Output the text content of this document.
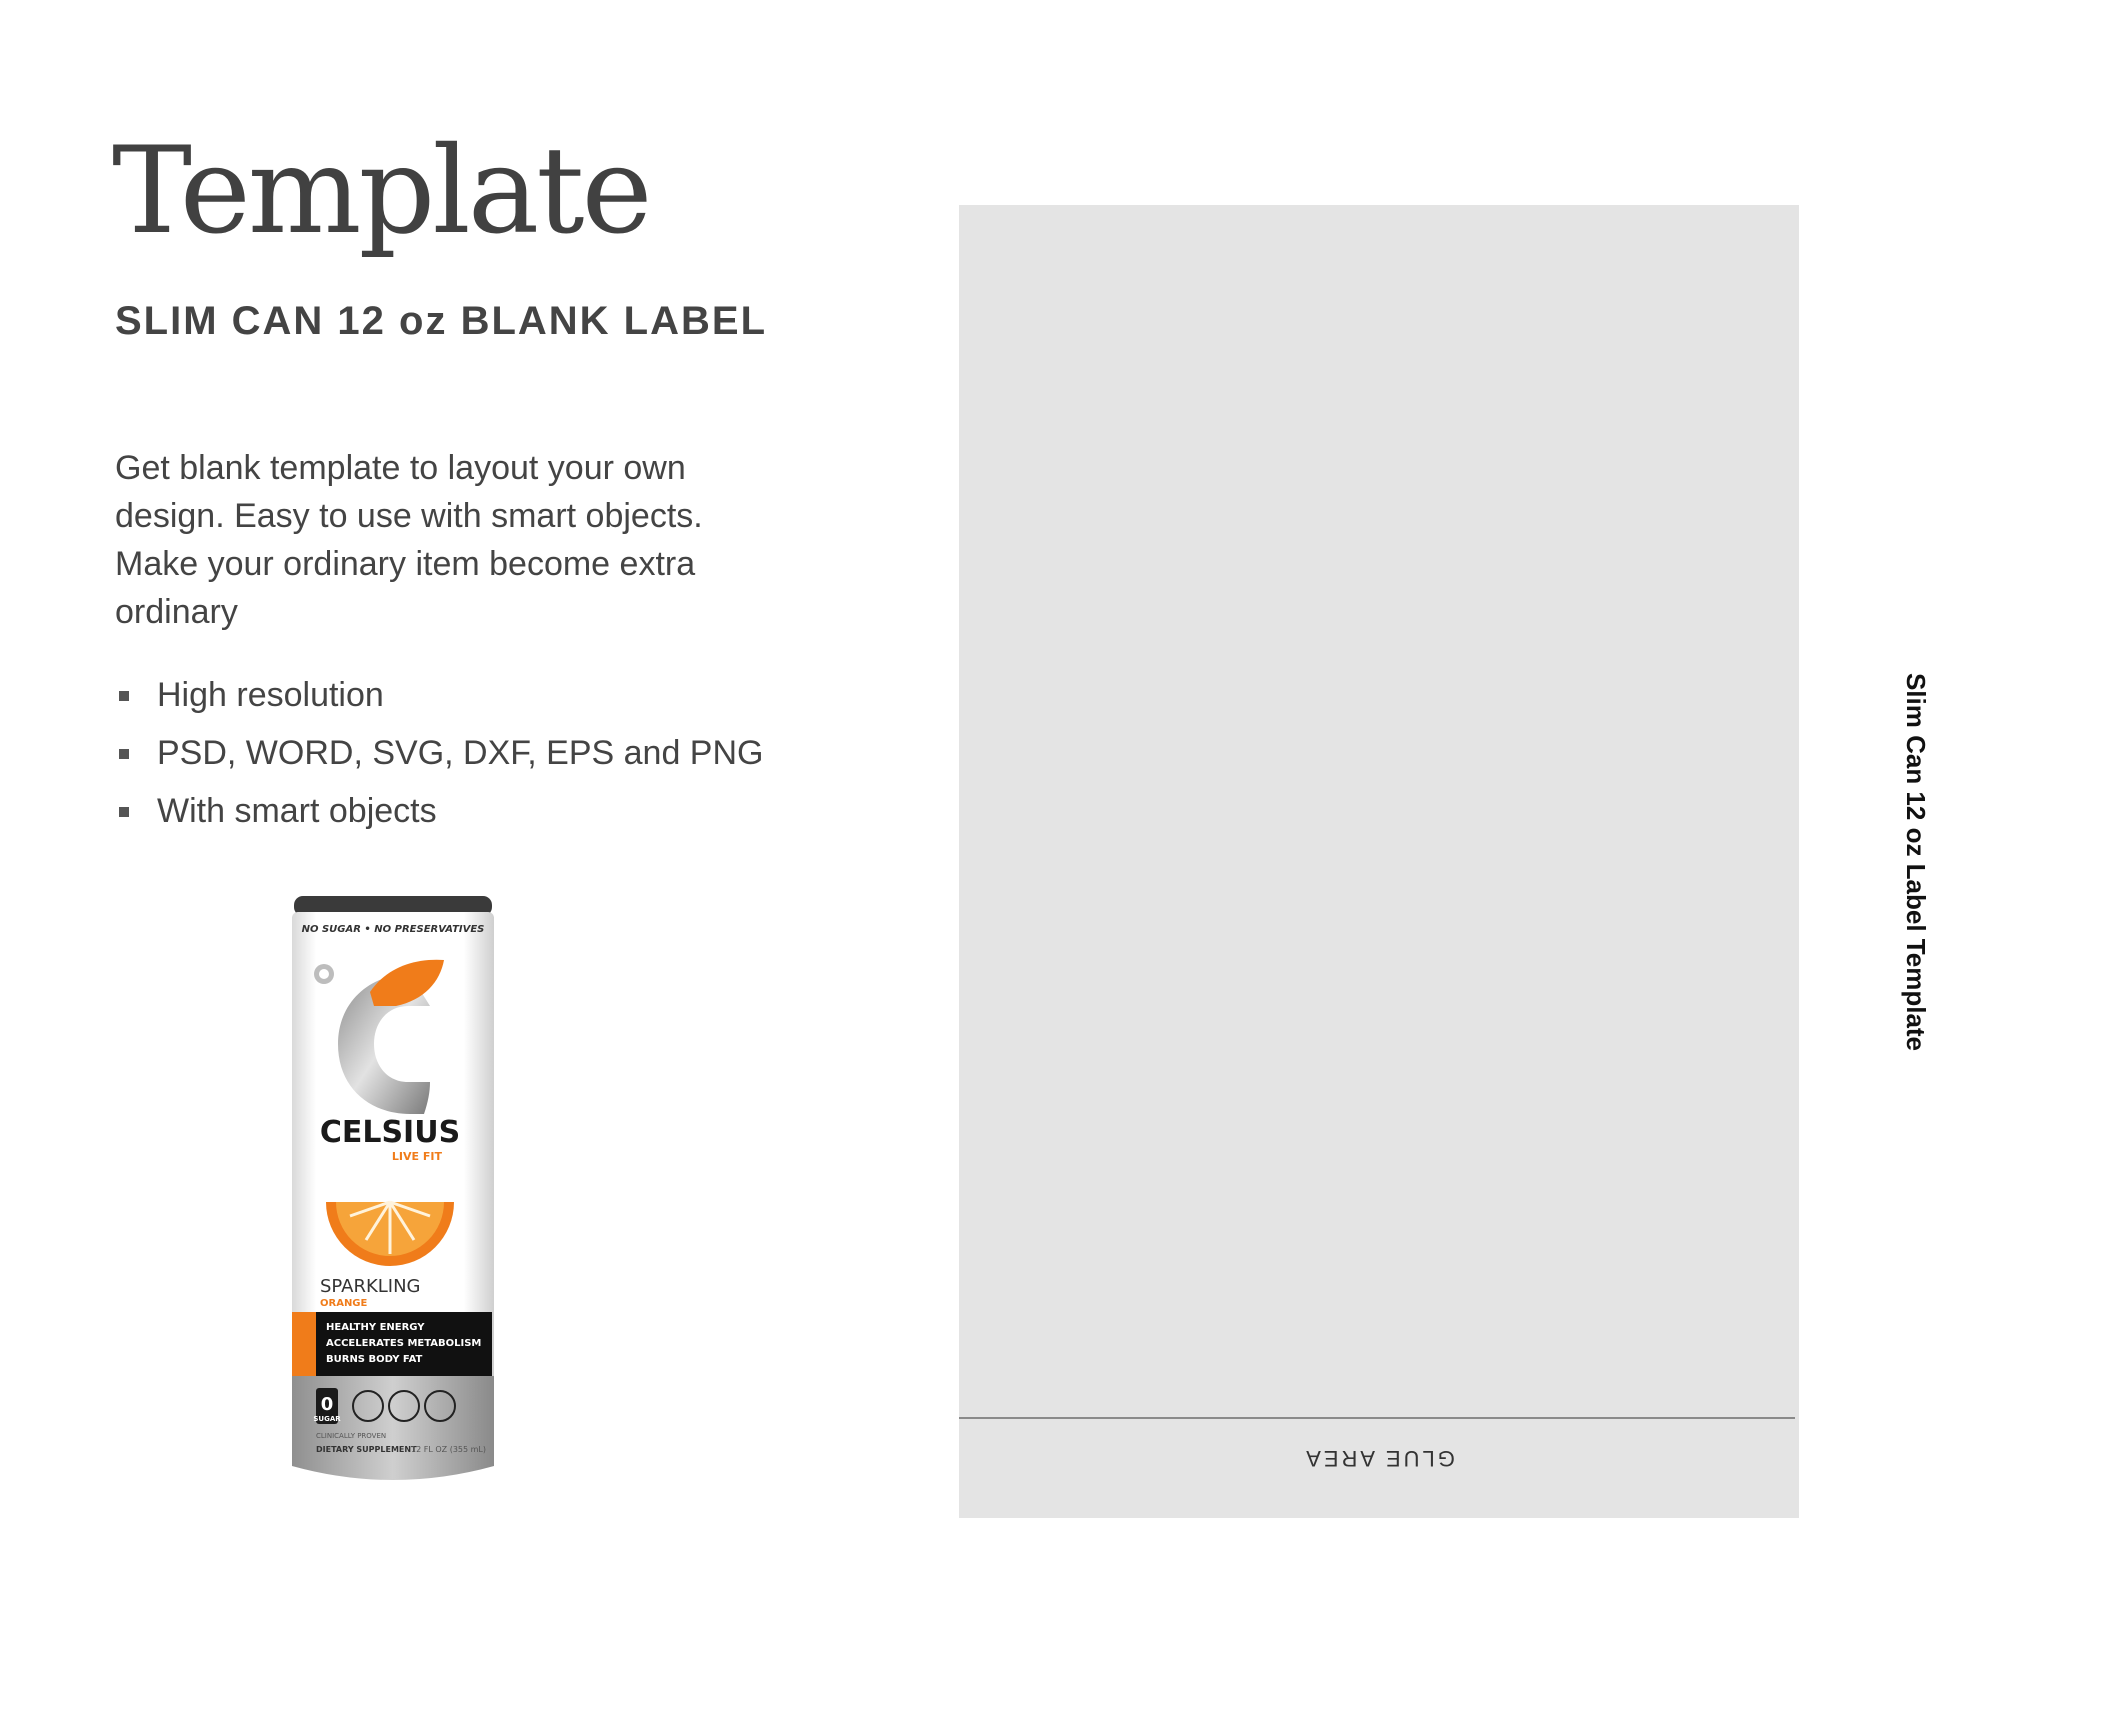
Template
SLIM CAN 12 oz BLANK LABEL

Get blank template to layout your own design. Easy to use with smart objects. Make your ordinary item become extra ordinary

High resolution
PSD, WORD, SVG, DXF, EPS and PNG
With smart objects
NO SUGAR • NO PRESERVATIVES
CELSIUS
LIVE FIT
SPARKLING
ORANGE
HEALTHY ENERGY
ACCELERATES METABOLISM
BURNS BODY FAT
0
SUGAR
CLINICALLY PROVEN
DIETARY SUPPLEMENT
12 FL OZ (355 mL)	GLUE AREA
Slim Can 12 oz Label Template
